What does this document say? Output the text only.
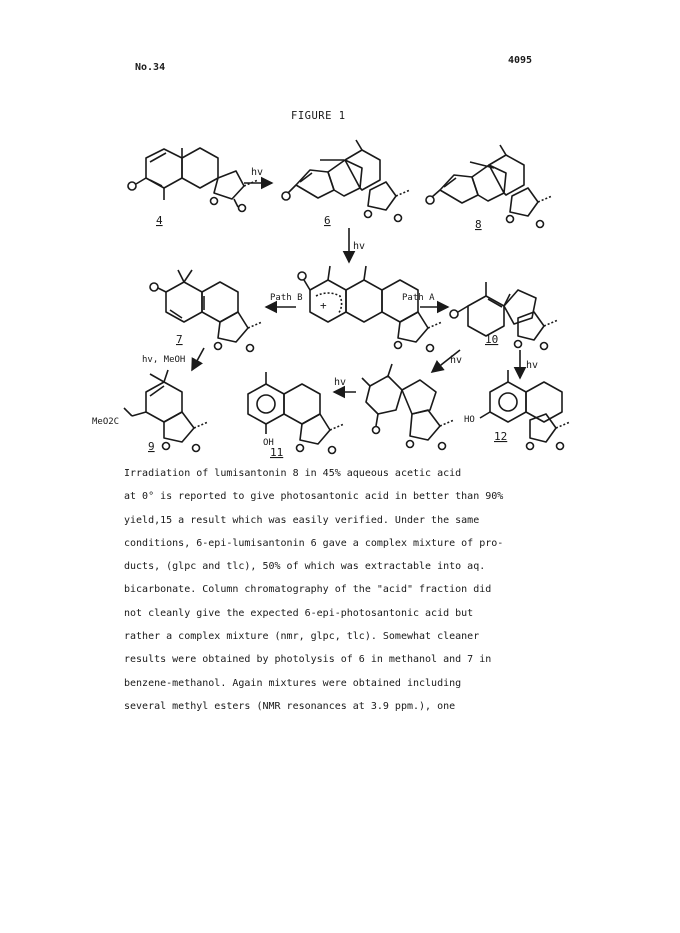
No.34
4095
FIGURE 1
+
MeO2C
OH
HO
hv
hv
Path B	Path A
hv, MeOH	hv	hv
hv
4	6	8
7	10
9	11
12
Irradiation of lumisantonin 8 in 45% aqueous acetic acid
at 0° is reported to give photosantonic acid in better than 90%
yield,15 a result which was easily verified. Under the same
conditions, 6-epi-lumisantonin 6 gave a complex mixture of pro-
ducts, (glpc and tlc), 50% of which was extractable into aq.
bicarbonate. Column chromatography of the "acid" fraction did
not cleanly give the expected 6-epi-photosantonic acid but
rather a complex mixture (nmr, glpc, tlc). Somewhat cleaner
results were obtained by photolysis of 6 in methanol and 7 in
benzene-methanol. Again mixtures were obtained including
several methyl esters (NMR resonances at 3.9 ppm.), one
